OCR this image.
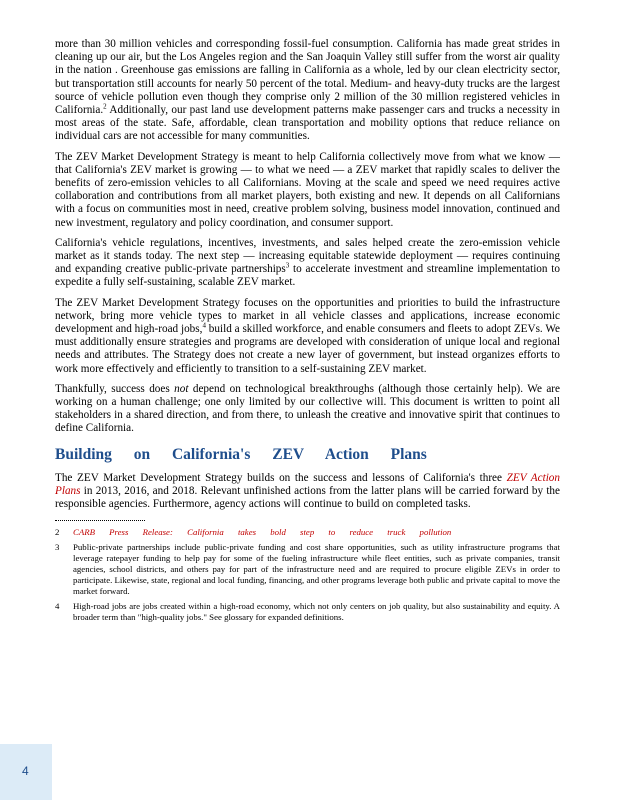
more than 30 million vehicles and corresponding fossil-fuel consumption. California has made great strides in cleaning up our air, but the Los Angeles region and the San Joaquin Valley still suffer from the worst air quality in the nation . Greenhouse gas emissions are falling in California as a whole, led by our clean electricity sector, but transportation still accounts for nearly 50 percent of the total. Medium- and heavy-duty trucks are the largest source of vehicle pollution even though they comprise only 2 million of the 30 million registered vehicles in California.$^2$ Additionally, our past land use development patterns make passenger cars and trucks a necessity in most areas of the state. Safe, affordable, clean transportation and mobility options that reduce reliance on individual cars are not accessible for many communities.

The ZEV Market Development Strategy is meant to help California collectively move from what we know — that California's ZEV market is growing — to what we need — a ZEV market that rapidly scales to deliver the benefits of zero-emission vehicles to all Californians. Moving at the scale and speed we need requires active collaboration and contributions from all market players, both existing and new. It depends on all Californians with a focus on communities most in need, creative problem solving, business model innovation, continued and new investment, regulatory and policy coordination, and consumer support.

California's vehicle regulations, incentives, investments, and sales helped create the zero-emission vehicle market as it stands today. The next step — increasing equitable statewide deployment — requires continuing and expanding creative public-private partnerships$^3$ to accelerate investment and streamline implementation to expedite a fully self-sustaining, scalable ZEV market.

The ZEV Market Development Strategy focuses on the opportunities and priorities to build the infrastructure network, bring more vehicle types to market in all vehicle classes and applications, increase economic development and high-road jobs,$^4$ build a skilled workforce, and enable consumers and fleets to adopt ZEVs. We must additionally ensure strategies and programs are developed with consideration of unique local and regional needs and attributes. The Strategy does not create a new layer of government, but instead organizes efforts to work more effectively and efficiently to transition to a self-sustaining ZEV market.

Thankfully, success does not depend on technological breakthroughs (although those certainly help). We are working on a human challenge; one only limited by our collective will. This document is written to point all stakeholders in a shared direction, and from there, to unleash the creative and innovative spirit that continues to define California.

Building on California's ZEV Action Plans

The ZEV Market Development Strategy builds on the success and lessons of California's three ZEV Action Plans in 2013, 2016, and 2018. Relevant unfinished actions from the latter plans will be carried forward by the responsible agencies. Furthermore, agency actions will continue to build on completed tasks.

2	CARB Press Release: California takes bold step to reduce truck pollution
3	Public-private partnerships include public-private funding and cost share opportunities, such as utility infrastructure programs that leverage ratepayer funding to help pay for some of the fueling infrastructure while fleet entities, such as private companies, transit agencies, school districts, and others pay for part of the infrastructure need and are required to procure eligible ZEVs in order to participate. Likewise, state, regional and local funding, financing, and other programs leverage both public and private capital to move the market forward.
4	High-road jobs are jobs created within a high-road economy, which not only centers on job quality, but also sustainability and equity. A broader term than "high-quality jobs." See glossary for expanded definitions.
4
